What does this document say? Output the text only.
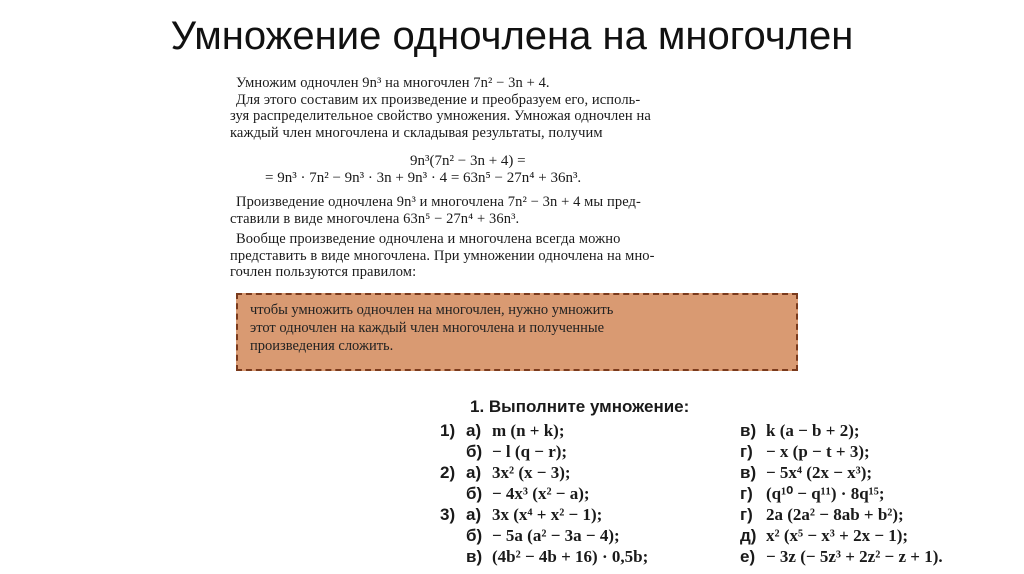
Умножение одночлена на многочлен
Умножим одночлен 9n³ на многочлен 7n² − 3n + 4.
Для этого составим их произведение и преобразуем его, исполь-
зуя распределительное свойство умножения. Умножая одночлен на
каждый член многочлена и складывая результаты, получим
9n³(7n² − 3n + 4) =
= 9n³ · 7n² − 9n³ · 3n + 9n³ · 4 = 63n⁵ − 27n⁴ + 36n³.
Произведение одночлена 9n³ и многочлена 7n² − 3n + 4 мы пред-
ставили в виде многочлена 63n⁵ − 27n⁴ + 36n³.
Вообще произведение одночлена и многочлена всегда можно
представить в виде многочлена. При умножении одночлена на мно-
гочлен пользуются правилом:
чтобы умножить одночлен на многочлен, нужно умножить
этот одночлен на каждый член многочлена и полученные
произведения сложить.
1. Выполните умножение:
1) а) m (n + k);
б) − l (q − r);
2) а) 3x² (x − 3);
б) − 4x³ (x² − a);
3) а) 3x (x⁴ + x² − 1);
б) − 5a (a² − 3a − 4);
в) (4b² − 4b + 16) · 0,5b;
в) k (a − b + 2);
г) − x (p − t + 3);
в) − 5x⁴ (2x − x³);
г) (q¹⁰ − q¹¹) · 8q¹⁵;
г) 2a (2a² − 8ab + b²);
д) x² (x⁵ − x³ + 2x − 1);
е) − 3z (− 5z³ + 2z² − z + 1).
